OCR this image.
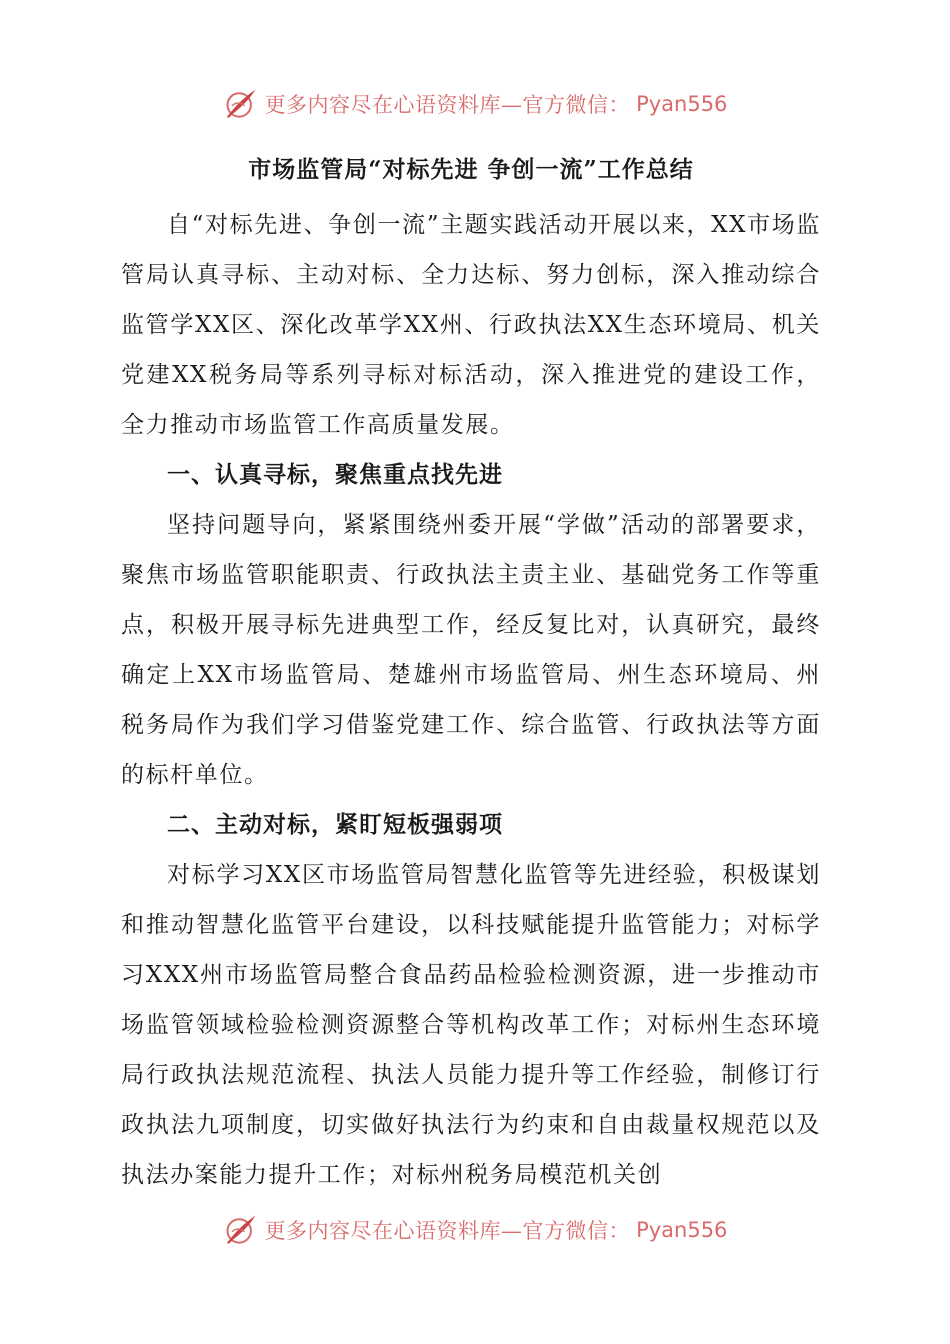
更多内容尽在心语资料库—官方微信： Pyan556
市场监管局“对标先进 争创一流”工作总结

自“对标先进、争创一流”主题实践活动开展以来，XX市场监管局认真寻标、主动对标、全力达标、努力创标，深入推动综合监管学XX区、深化改革学XX州、行政执法XX生态环境局、机关党建XX税务局等系列寻标对标活动，深入推进党的建设工作，全力推动市场监管工作高质量发展。

一、认真寻标，聚焦重点找先进

坚持问题导向，紧紧围绕州委开展“学做”活动的部署要求，聚焦市场监管职能职责、行政执法主责主业、基础党务工作等重点，积极开展寻标先进典型工作，经反复比对，认真研究，最终确定上XX市场监管局、楚雄州市场监管局、州生态环境局、州税务局作为我们学习借鉴党建工作、综合监管、行政执法等方面的标杆单位。

二、主动对标，紧盯短板强弱项

对标学习XX区市场监管局智慧化监管等先进经验，积极谋划和推动智慧化监管平台建设，以科技赋能提升监管能力；对标学习XXX州市场监管局整合食品药品检验检测资源，进一步推动市场监管领域检验检测资源整合等机构改革工作；对标州生态环境局行政执法规范流程、执法人员能力提升等工作经验，制修订行政执法九项制度，切实做好执法行为约束和自由裁量权规范以及执法办案能力提升工作；对标州税务局模范机关创

更多内容尽在心语资料库—官方微信： Pyan556
